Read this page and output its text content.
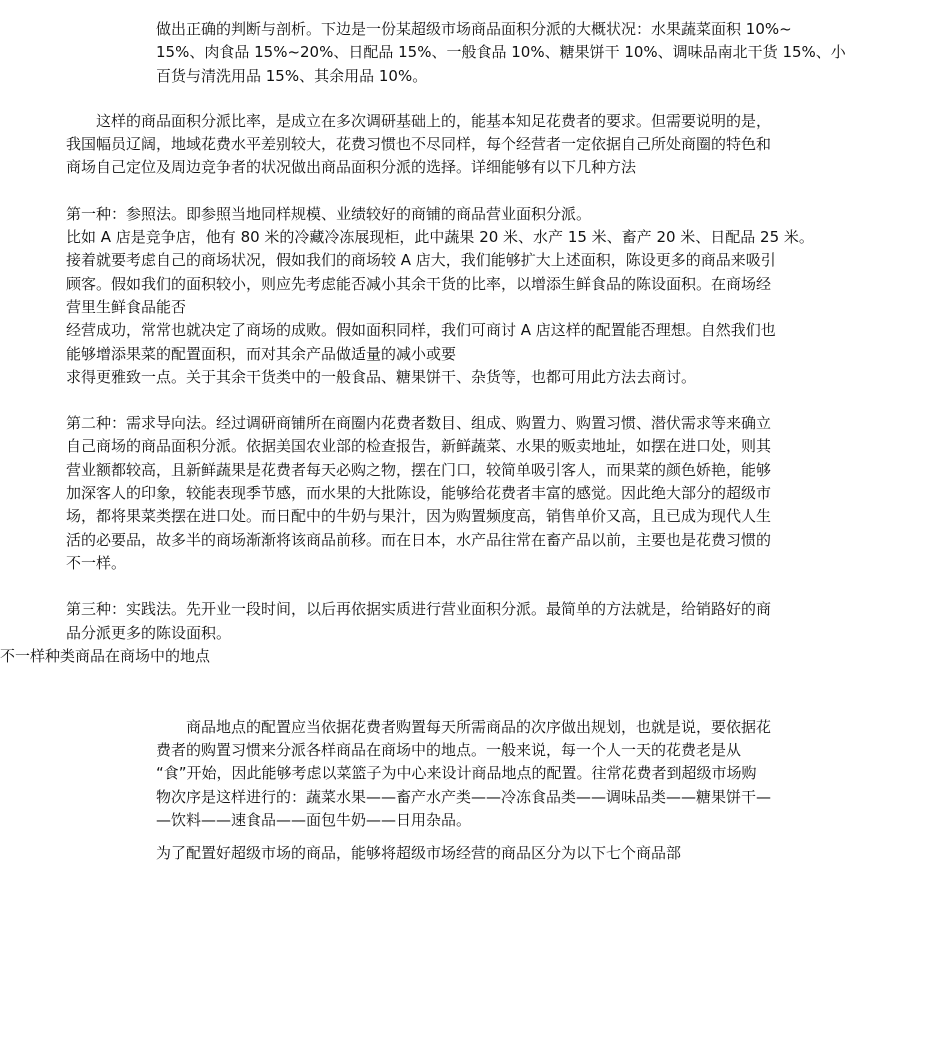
做出正确的判断与剖析。下边是一份某超级市场商品面积分派的大概状况：水果蔬菜面积 10%~
15%、肉食品 15%~20%、日配品 15%、一般食品 10%、糖果饼干 10%、调味品南北干货 15%、小
百货与清洗用品 15%、其余用品 10%。

　　这样的商品面积分派比率，是成立在多次调研基础上的，能基本知足花费者的要求。但需要说明的是，
我国幅员辽阔，地域花费水平差别较大，花费习惯也不尽同样，每个经营者一定依据自己所处商圈的特色和
商场自己定位及周边竞争者的状况做出商品面积分派的选择。详细能够有以下几种方法

第一种：参照法。即参照当地同样规模、业绩较好的商铺的商品营业面积分派。
比如 A 店是竞争店，他有 80 米的冷藏冷冻展现柜，此中蔬果 20 米、水产 15 米、畜产 20 米、日配品 25 米。
接着就要考虑自己的商场状况，假如我们的商场较 A 店大，我们能够扩大上述面积，陈设更多的商品来吸引
顾客。假如我们的面积较小，则应先考虑能否减小其余干货的比率，以增添生鲜食品的陈设面积。在商场经
营里生鲜食品能否
经营成功，常常也就决定了商场的成败。假如面积同样，我们可商讨 A 店这样的配置能否理想。自然我们也
能够增添果菜的配置面积，而对其余产品做适量的减小或要
求得更雅致一点。关于其余干货类中的一般食品、糖果饼干、杂货等，也都可用此方法去商讨。

第二种：需求导向法。经过调研商铺所在商圈内花费者数目、组成、购置力、购置习惯、潜伏需求等来确立
自己商场的商品面积分派。依据美国农业部的检查报告，新鲜蔬菜、水果的贩卖地址，如摆在进口处，则其
营业额都较高，且新鲜蔬果是花费者每天必购之物，摆在门口，较简单吸引客人，而果菜的颜色娇艳，能够
加深客人的印象，较能表现季节感，而水果的大批陈设，能够给花费者丰富的感觉。因此绝大部分的超级市
场，都将果菜类摆在进口处。而日配中的牛奶与果汁，因为购置频度高，销售单价又高，且已成为现代人生
活的必要品，故多半的商场渐渐将该商品前移。而在日本，水产品往常在畜产品以前，主要也是花费习惯的
不一样。

第三种：实践法。先开业一段时间，以后再依据实质进行营业面积分派。最简单的方法就是，给销路好的商
品分派更多的陈设面积。

不一样种类商品在商场中的地点

　　商品地点的配置应当依据花费者购置每天所需商品的次序做出规划，也就是说，要依据花
费者的购置习惯来分派各样商品在商场中的地点。一般来说，每一个人一天的花费老是从
“食”开始，因此能够考虑以菜篮子为中心来设计商品地点的配置。往常花费者到超级市场购
物次序是这样进行的：蔬菜水果——畜产水产类——冷冻食品类——调味品类——糖果饼干—
—饮料——速食品——面包牛奶——日用杂品。

为了配置好超级市场的商品，能够将超级市场经营的商品区分为以下七个商品部
